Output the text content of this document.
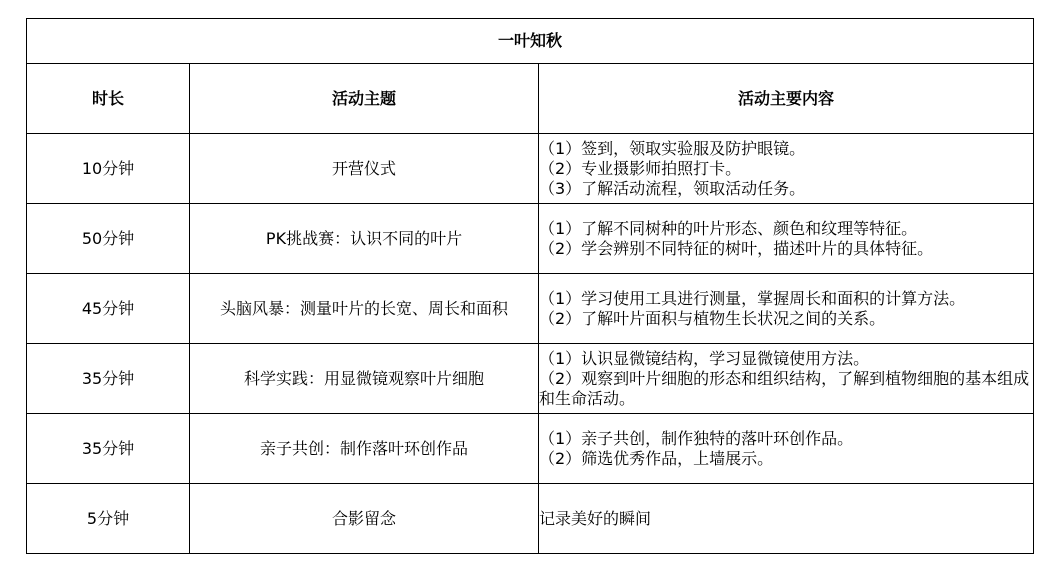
一叶知秋		
时长	活动主题	活动主要内容
10分钟	开营仪式	（1）签到，领取实验服及防护眼镜。
（2）专业摄影师拍照打卡。
（3）了解活动流程，领取活动任务。

50分钟	PK挑战赛：认识不同的叶片	（1）了解不同树种的叶片形态、颜色和纹理等特征。
（2）学会辨别不同特征的树叶，描述叶片的具体特征。

45分钟	头脑风暴：测量叶片的长宽、周长和面积	（1）学习使用工具进行测量，掌握周长和面积的计算方法。
（2）了解叶片面积与植物生长状况之间的关系。

35分钟	科学实践：用显微镜观察叶片细胞	（1）认识显微镜结构，学习显微镜使用方法。
（2）观察到叶片细胞的形态和组织结构，了解到植物细胞的基本组成和生命活动。

35分钟	亲子共创：制作落叶环创作品	（1）亲子共创，制作独特的落叶环创作品。
（2）筛选优秀作品，上墙展示。

5分钟	合影留念	记录美好的瞬间
